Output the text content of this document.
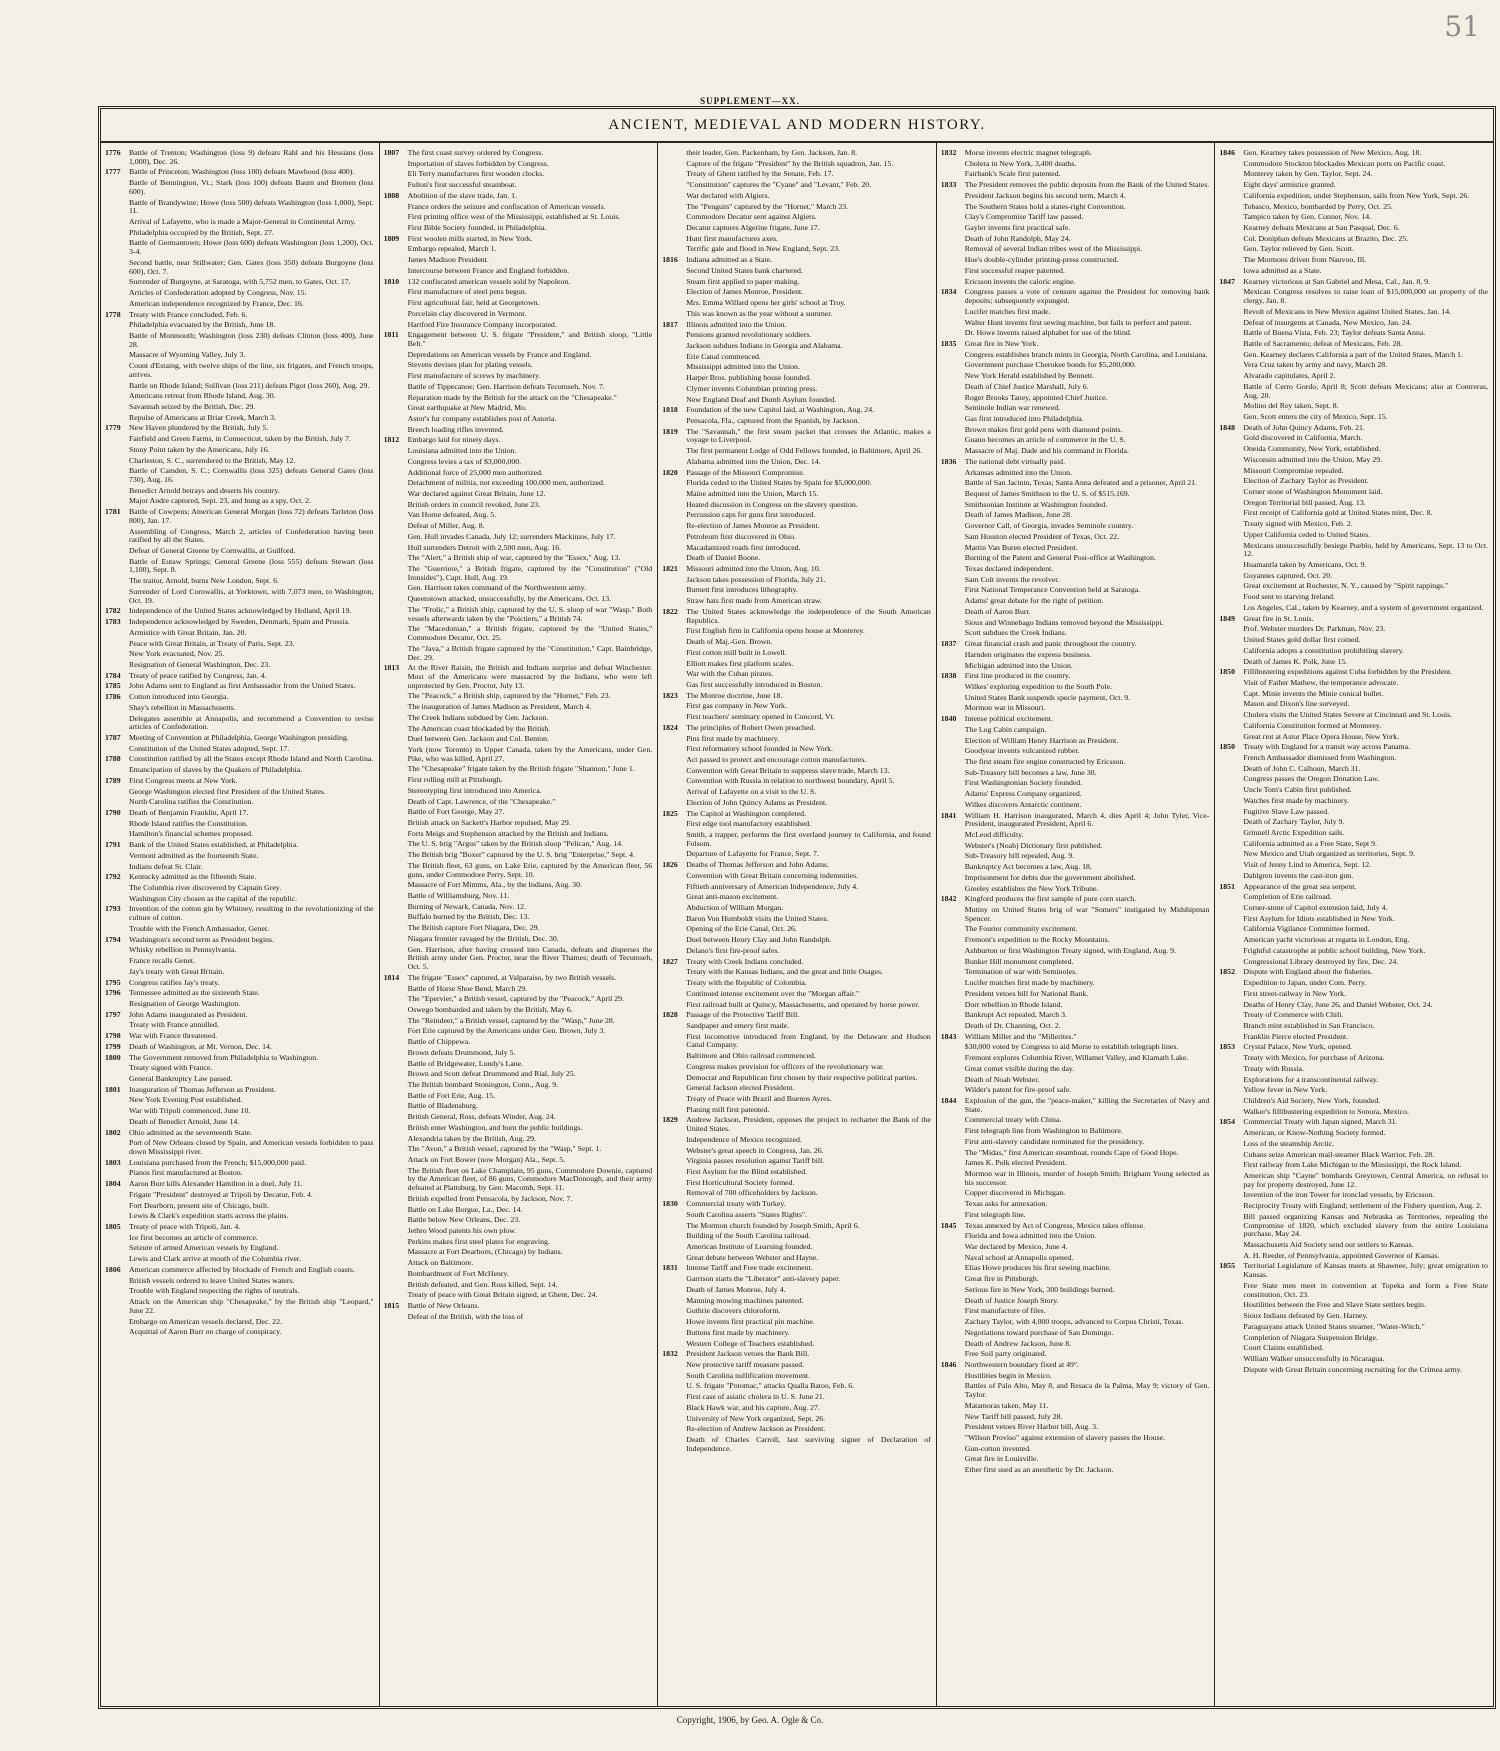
51
SUPPLEMENT—XX.
ANCIENT, MEDIEVAL AND MODERN HISTORY.
1776	Battle of Trenton; Washington (loss 9) defeats Rahl and his Hessians (loss 1,000), Dec. 26.
1777	Battle of Princeton; Washington (loss 100) defeats Mawhood (loss 400).
Battle of Bennington, Vt.; Stark (loss 100) defeats Baum and Bremen (loss 600).
Battle of Brandywine; Howe (loss 500) defeats Washington (loss 1,000), Sept. 11.
Arrival of Lafayette, who is made a Major-General in Continental Army.
Philadelphia occupied by the British, Sept. 27.
Battle of Germantown; Howe (loss 600) defeats Washington (loss 1,200), Oct. 3-4.
Second battle, near Stillwater; Gen. Gates (loss 350) defeats Burgoyne (loss 600), Oct. 7.
Surrender of Burgoyne, at Saratoga, with 5,752 men, to Gates, Oct. 17.
Articles of Confederation adopted by Congress, Nov. 15.
American independence recognized by France, Dec. 16.
1778	Treaty with France concluded, Feb. 6.
Philadelphia evacuated by the British, June 18.
Battle of Monmouth; Washington (loss 230) defeats Clinton (loss 400), June 28.
Massacre of Wyoming Valley, July 3.
Count d'Estaing, with twelve ships of the line, six frigates, and French troops, arrives.
Battle on Rhode Island; Sullivan (loss 211) defeats Pigot (loss 260), Aug. 29.
Americans retreat from Rhode Island, Aug. 30.
Savannah seized by the British, Dec. 29.
Repulse of Americans at Briar Creek, March 3.
1779	New Haven plundered by the British, July 5.
Fairfield and Green Farms, in Connecticut, taken by the British, July 7.
Stony Point taken by the Americans, July 16.
Charleston, S. C., surrendered to the British, May 12.
Battle of Camden, S. C.; Cornwallis (loss 325) defeats General Gates (loss 730), Aug. 16.
Benedict Arnold betrays and deserts his country.
Major Andre captured, Sept. 23, and hung as a spy, Oct. 2.
1781	Battle of Cowpens; American General Morgan (loss 72) defeats Tarleton (loss 800), Jan. 17.
Assembling of Congress, March 2, articles of Confederation having been ratified by all the States.
Defeat of General Greene by Cornwallis, at Guilford.
Battle of Eutaw Springs; General Greene (loss 555) defeats Stewart (loss 1,100), Sept. 8.
The traitor, Arnold, burns New London, Sept. 6.
Surrender of Lord Cornwallis, at Yorktown, with 7,073 men, to Washington, Oct. 19.
1782	Independence of the United States acknowledged by Holland, April 19.
1783	Independence acknowledged by Sweden, Denmark, Spain and Prussia.
Armistice with Great Britain, Jan. 20.
Peace with Great Britain, at Treaty of Paris, Sept. 23.
New York evacuated, Nov. 25.
Resignation of General Washington, Dec. 23.
1784	Treaty of peace ratified by Congress, Jan. 4.
1785	John Adams sent to England as first Ambassador from the United States.
1786	Cotton introduced into Georgia.
Shay's rebellion in Massachusetts.
Delegates assemble at Annapolis, and recommend a Convention to revise articles of Confederation.
1787	Meeting of Convention at Philadelphia, George Washington presiding.
Constitution of the United States adopted, Sept. 17.
1788	Constitution ratified by all the States except Rhode Island and North Carolina.
Emancipation of slaves by the Quakers of Philadelphia.
1789	First Congress meets at New York.
George Washington elected first President of the United States.
North Carolina ratifies the Constitution.
1790	Death of Benjamin Franklin, April 17.
Rhode Island ratifies the Constitution.
Hamilton's financial schemes proposed.
1791	Bank of the United States established, at Philadelphia.
Vermont admitted as the fourteenth State.
Indians defeat St. Clair.
1792	Kentucky admitted as the fifteenth State.
The Columbia river discovered by Captain Grey.
Washington City chosen as the capital of the republic.
1793	Invention of the cotton gin by Whitney, resulting in the revolutionizing of the culture of cotton.
Trouble with the French Ambassador, Genet.
1794	Washington's second term as President begins.
Whisky rebellion in Pennsylvania.
France recalls Genet.
Jay's treaty with Great Britain.
1795	Congress ratifies Jay's treaty.
1796	Tennessee admitted as the sixteenth State.
Resignation of George Washington.
1797	John Adams inaugurated as President.
Treaty with France annulled.
1798	War with France threatened.
1799	Death of Washington, at Mt. Vernon, Dec. 14.
1800	The Government removed from Philadelphia to Washington.
Treaty signed with France.
General Bankruptcy Law passed.
1801	Inauguration of Thomas Jefferson as President.
New York Evening Post established.
War with Tripoli commenced, June 10.
Death of Benedict Arnold, June 14.
1802	Ohio admitted as the seventeenth State.
Port of New Orleans closed by Spain, and American vessels forbidden to pass down Mississippi river.
1803	Louisiana purchased from the French; $15,000,000 paid.
Pianos first manufactured at Boston.
1804	Aaron Burr kills Alexander Hamilton in a duel, July 11.
Frigate "President" destroyed at Tripoli by Decatur, Feb. 4.
Fort Dearborn, present site of Chicago, built.
Lewis & Clark's expedition starts across the plains.
1805	Treaty of peace with Tripoli, Jan. 4.
Ice first becomes an article of commerce.
Seizure of armed American vessels by England.
Lewis and Clark arrive at mouth of the Columbia river.
1806	American commerce affected by blockade of French and English coasts.
British vessels ordered to leave United States waters.
Trouble with England respecting the rights of neutrals.
Attack on the American ship "Chesapeake," by the British ship "Leopard," June 22.
Embargo on American vessels declared, Dec. 22.
Acquittal of Aaron Burr on charge of conspiracy.
1807	The first coast survey ordered by Congress.
Importation of slaves forbidden by Congress.
Eli Terry manufactures first wooden clocks.
Fulton's first successful steamboat.
1808	Abolition of the slave trade, Jan. 1.
France orders the seizure and confiscation of American vessels.
First printing office west of the Mississippi, established at St. Louis.
First Bible Society founded, in Philadelphia.
1809	First woolen mills started, in New York.
Embargo repealed, March 1.
James Madison President.
Intercourse between France and England forbidden.
1810	132 confiscated american vessels sold by Napoleon.
First manufacture of steel pens begun.
First agricultural fair, held at Georgetown.
Porcelain clay discovered in Vermont.
Hartford Fire Insurance Company incorporated.
1811	Engagement between U. S. frigate "President," and British sloop, "Little Belt."
Depredations on American vessels by France and England.
Stevens devises plan for plating vessels.
First manufacture of screws by machinery.
Battle of Tippecanoe; Gen. Harrison defeats Tecumseh, Nov. 7.
Reparation made by the British for the attack on the "Chesapeake."
Great earthquake at New Madrid, Mo.
Astor's fur company establishes post of Astoria.
Breech loading rifles invented.
1812	Embargo laid for ninety days.
Louisiana admitted into the Union.
Congress levies a tax of $3,000,000.
Additional force of 25,000 men authorized.
Detachment of militia, not exceeding 100,000 men, authorized.
War declared against Great Britain, June 12.
British orders in council revoked, June 23.
Van Horne defeated, Aug. 5.
Defeat of Miller, Aug. 8.
Gen. Hull invades Canada, July 12; surrenders Mackinaw, July 17.
Hull surrenders Detroit with 2,500 men, Aug. 16.
The "Alert," a British ship of war, captured by the "Essex," Aug. 13.
The "Guerriere," a British frigate, captured by the "Constitution" ("Old Ironsides"), Capt. Hull, Aug. 19.
Gen. Harrison takes command of the Northwestern army.
Queenstown attacked, unsuccessfully, by the Americans, Oct. 13.
The "Frolic," a British ship, captured by the U. S. sloop of war "Wasp." Both vessels afterwards taken by the "Poictiers," a British 74.
The "Macedonian," a British frigate, captured by the "United States," Commodore Decatur, Oct. 25.
The "Java," a British frigate captured by the "Constitution," Capt. Bainbridge, Dec. 29.
1813	At the River Raisin, the British and Indians surprise and defeat Winchester. Most of the Americans were massacred by the Indians, who were left unprotected by Gen. Proctor, July 13.
The "Peacock," a British ship, captured by the "Hornet," Feb. 23.
The inauguration of James Madison as President, March 4.
The Creek Indians subdued by Gen. Jackson.
The American coast blockaded by the British.
Duel between Gen. Jackson and Col. Benton.
York (now Toronto) in Upper Canada, taken by the Americans, under Gen. Pike, who was killed, April 27.
The "Chesapeake" frigate taken by the British frigate "Shannon," June 1.
First rolling mill at Pittsburgh.
Stereotyping first introduced into America.
Death of Capt. Lawrence, of the "Chesapeake."
Battle of Fort George, May 27.
British attack on Sackett's Harbor repulsed, May 29.
Forts Meigs and Stephenson attacked by the British and Indians.
The U. S. brig "Argus" taken by the British sloop "Pelican," Aug. 14.
The British brig "Boxer" captured by the U. S. brig "Enterprise," Sept. 4.
The British fleet, 63 guns, on Lake Erie, captured by the American fleet, 56 guns, under Commodore Perry, Sept. 10.
Massacre of Fort Mimms, Ala., by the Indians, Aug. 30.
Battle of Williamsburg, Nov. 11.
Burning of Newark, Canada, Nov. 12.
Buffalo burned by the British, Dec. 13.
The British capture Fort Niagara, Dec. 29.
Niagara frontier ravaged by the British, Dec. 30.
Gen. Harrison, after having crossed into Canada, defeats and disperses the British army under Gen. Proctor, near the River Thames; death of Tecumseh, Oct. 5.
1814	The frigate "Essex" captured, at Valparaiso, by two British vessels.
Battle of Horse Shoe Bend, March 29.
The "Epervier," a British vessel, captured by the "Peacock," April 29.
Oswego bombarded and taken by the British, May 6.
The "Reindeer," a British vessel, captured by the "Wasp," June 28.
Fort Erie captured by the Americans under Gen. Brown, July 3.
Battle of Chippewa.
Brown defeats Drummond, July 5.
Battle of Bridgewater, Lundy's Lane.
Brown and Scott defeat Drummond and Rial, July 25.
The British bombard Stonington, Conn., Aug. 9.
Battle of Fort Erie, Aug. 15.
Battle of Bladensburg.
British General, Ross, defeats Winder, Aug. 24.
British enter Washington, and burn the public buildings.
Alexandria taken by the British, Aug. 29.
The "Avon," a British vessel, captured by the "Wasp," Sept. 1.
Attack on Fort Bower (now Morgan) Ala., Sept. 5.
The British fleet on Lake Champlain, 95 guns, Commodore Downie, captured by the American fleet, of 86 guns, Commodore MacDonough, and their army defeated at Plattsburg, by Gen. Macomb, Sept. 11.
British expelled from Pensacola, by Jackson, Nov. 7.
Battle on Lake Borgue, La., Dec. 14.
Battle below New Orleans, Dec. 23.
Jethro Wood patents his own plow.
Perkins makes first steel plates for engraving.
Massacre at Fort Dearborn, (Chicago) by Indians.
Attack on Baltimore.
Bombardment of Fort McHenry.
British defeated, and Gen. Ross killed, Sept. 14.
Treaty of peace with Great Britain signed, at Ghent, Dec. 24.
1815	Battle of New Orleans.
Defeat of the British, with the loss of
their leader, Gen. Packenham, by Gen. Jackson, Jan. 8.
Capture of the frigate "President" by the British squadron, Jan. 15.
Treaty of Ghent ratified by the Senate, Feb. 17.
"Constitution" captures the "Cyane" and "Levant," Feb. 20.
War declared with Algiers.
The "Penguin" captured by the "Hornet," March 23.
Commodore Decatur sent against Algiers.
Decatur captures Algerine frigate, June 17.
Hunt first manufactures axes.
Terrific gale and flood in New England, Sept. 23.
1816	Indiana admitted as a State.
Second United States bank chartered.
Steam first applied to paper making.
Election of James Monroe, President.
Mrs. Emma Willard opens her girls' school at Troy.
This was known as the year without a summer.
1817	Illinois admitted into the Union.
Pensions granted revolutionary soldiers.
Jackson subdues Indians in Georgia and Alabama.
Erie Canal commenced.
Mississippi admitted into the Union.
Harper Bros. publishing house founded.
Clymer invents Columbian printing press.
New England Deaf and Dumb Asylum founded.
1818	Foundation of the new Capitol laid, at Washington, Aug. 24.
Pensacola, Fla., captured from the Spanish, by Jackson.
1819	The "Savannah," the first steam packet that crosses the Atlantic, makes a voyage to Liverpool.
The first permanent Lodge of Odd Fellows founded, in Baltimore, April 26.
Alabama admitted into the Union, Dec. 14.
1820	Passage of the Missouri Compromise.
Florida ceded to the United States by Spain for $5,000,000.
Maine admitted into the Union, March 15.
Heated discussion in Congress on the slavery question.
Percussion caps for guns first introduced.
Re-election of James Monroe as President.
Petroleum first discovered in Ohio.
Macadamized roads first introduced.
Death of Daniel Boone.
1821	Missouri admitted into the Union, Aug. 10.
Jackson takes possession of Florida, July 21.
Burnett first introduces lithography.
Straw hats first made from American straw.
1822	The United States acknowledge the independence of the South American Republics.
First English firm in California opens house at Monterey.
Death of Maj.-Gen. Brown.
First cotton mill built in Lowell.
Elliott makes first platform scales.
War with the Cuban pirates.
Gas first successfully introduced in Boston.
1823	The Monroe doctrine, June 18.
First gas company in New York.
First teachers' seminary opened in Concord, Vt.
1824	The principles of Robert Owen preached.
Pins first made by machinery.
First reformatory school founded in New York.
Act passed to protect and encourage cotton manufactures.
Convention with Great Britain to suppress slave trade, March 13.
Convention with Russia in relation to northwest boundary, April 5.
Arrival of Lafayette on a visit to the U. S.
Election of John Quincy Adams as President.
1825	The Capitol at Washington completed.
First edge tool manufactory established.
Smith, a trapper, performs the first overland journey to California, and found Folsom.
Departure of Lafayette for France, Sept. 7.
1826	Deaths of Thomas Jefferson and John Adams.
Convention with Great Britain concerning indemnities.
Fiftieth anniversary of American Independence, July 4.
Great anti-mason excitement.
Abduction of William Morgan.
Baron Von Humboldt visits the United States.
Opening of the Erie Canal, Oct. 26.
Duel between Henry Clay and John Randolph.
Delano's first fire-proof safes.
1827	Treaty with Creek Indians concluded.
Treaty with the Kansas Indians, and the great and little Osages.
Treaty with the Republic of Colombia.
Continued intense excitement over the "Morgan affair."
First railroad built at Quincy, Massachusetts, and operated by horse power.
1828	Passage of the Protective Tariff Bill.
Sandpaper and emery first made.
First locomotive introduced from England, by the Delaware and Hudson Canal Company.
Baltimore and Ohio railroad commenced.
Congress makes provision for officers of the revolutionary war.
Democrat and Republican first chosen by their respective political parties.
General Jackson elected President.
Treaty of Peace with Brazil and Buenos Ayres.
Planing mill first patented.
1829	Andrew Jackson, President, opposes the project to recharter the Bank of the United States.
Independence of Mexico recognized.
Webster's great speech in Congress, Jan. 26.
Virginia passes resolution against Tariff bill.
First Asylum for the Blind established.
First Horticultural Society formed.
Removal of 700 officeholders by Jackson.
1830	Commercial treaty with Turkey.
South Carolina asserts "States Rights".
The Mormon church founded by Joseph Smith, April 6.
Building of the South Carolina railroad.
American Institute of Learning founded.
Great debate between Webster and Hayne.
1831	Intense Tariff and Free trade excitement.
Garrison starts the "Liberator" anti-slavery paper.
Death of James Monroe, July 4.
Manning mowing machines patented.
Guthrie discovers chloroform.
Howe invents first practical pin machine.
Buttons first made by machinery.
Western College of Teachers established.
1832	President Jackson vetoes the Bank Bill.
New protective tariff measure passed.
South Carolina nullification movement.
U. S. frigate "Potomac," attacks Qualla Batoo, Feb. 6.
First case of asiatic cholera in U. S. June 21.
Black Hawk war, and his capture, Aug. 27.
University of New York organized, Sept. 26.
Re-election of Andrew Jackson as President.
Death of Charles Carroll, last surviving signer of Declaration of Independence.
1832	Morse invents electric magnet telegraph.
Cholera in New York, 3,400 deaths.
Fairbank's Scale first patented.
1833	The President removes the public deposits from the Bank of the United States.
President Jackson begins his second term, March 4.
The Southern States hold a states-right Convention.
Clay's Compromise Tariff law passed.
Gayler invents first practical safe.
Death of John Randolph, May 24.
Removal of several Indian tribes west of the Mississippi.
Hoe's double-cylinder printing-press constructed.
First successful reaper patented.
Ericsson invents the caloric engine.
1834	Congress passes a vote of censure against the President for removing bank deposits; subsequently expunged.
Lucifer matches first made.
Walter Hunt invents first sewing machine, but fails to perfect and patent.
Dr. Howe invents raised alphabet for use of the blind.
1835	Great fire in New York.
Congress establishes branch mints in Georgia, North Carolina, and Louisiana.
Government purchase Cherokee bonds for $5,200,000.
New York Herald established by Bennett.
Death of Chief Justice Marshall, July 6.
Roger Brooks Taney, appointed Chief Justice.
Seminole Indian war renewed.
Gas first introduced into Philadelphia.
Brown makes first gold pens with diamond points.
Guano becomes an article of commerce in the U. S.
Massacre of Maj. Dade and his command in Florida.
1836	The national debt virtually paid.
Arkansas admitted into the Union.
Battle of San Jacinto, Texas; Santa Anna defeated and a prisoner, April 21.
Bequest of James Smithson to the U. S. of $515,169.
Smithsonian Institute at Washington founded.
Death of James Madison, June 28.
Governor Call, of Georgia, invades Seminole country.
Sam Houston elected President of Texas, Oct. 22.
Martin Van Buren elected President.
Burning of the Patent and General Post-office at Washington.
Texas declared independent.
Sam Colt invents the revolver.
First National Temperance Convention held at Saratoga.
Adams' great debate for the right of petition.
Death of Aaron Burr.
Sioux and Winnebago Indians removed beyond the Mississippi.
Scott subdues the Creek Indians.
1837	Great financial crash and panic throughout the country.
Harnden originates the express business.
Michigan admitted into the Union.
1838	First line produced in the country.
Wilkes' exploring expedition to the South Pole.
United States Bank suspends specie payment, Oct. 9.
Mormon war in Missouri.
1840	Intense political excitement.
The Log Cabin campaign.
Election of William Henry Harrison as President.
Goodyear invents vulcanized rubber.
The first steam fire engine constructed by Ericsson.
Sub-Treasury bill becomes a law, June 30.
First Washingtonian Society founded.
Adams' Express Company organized.
Wilkes discovers Antarctic continent.
1841	William H. Harrison inaugurated, March 4, dies April 4; John Tyler, Vice-President, inaugurated President, April 6.
McLeod difficulty.
Webster's (Noah) Dictionary first published.
Sub-Treasury bill repealed, Aug. 9.
Bankruptcy Act becomes a law, Aug. 18.
Imprisonment for debts due the government abolished.
Greeley establishes the New York Tribune.
1842	Kingford produces the first sample of pure corn starch.
Mutiny on United States brig of war "Somers" instigated by Midshipman Spencer.
The Fourier community excitement.
Fremont's expedition to the Rocky Mountains.
Ashburton or first Washington Treaty signed, with England, Aug. 9.
Bunker Hill monument completed.
Termination of war with Seminoles.
Lucifer matches first made by machinery.
President vetoes bill for National Bank.
Dorr rebellion in Rhode Island.
Bankrupt Act repealed, March 3.
Death of Dr. Channing, Oct. 2.
1843	William Miller and the "Millerites."
$30,000 voted by Congress to aid Morse to establish telegraph lines.
Fremont explores Columbia River, Willamet Valley, and Klamath Lake.
Great comet visible during the day.
Death of Noah Webster.
Wilder's patent for fire-proof safe.
1844	Explosion of the gun, the "peace-maker," killing the Secretaries of Navy and State.
Commercial treaty with China.
First telegraph line from Washington to Baltimore.
First anti-slavery candidate nominated for the presidency.
The "Midas," first American steamboat, rounds Cape of Good Hope.
James K. Polk elected President.
Mormon war in Illinois, murder of Joseph Smith; Brigham Young selected as his successor.
Copper discovered in Michigan.
Texas asks for annexation.
First telegraph line.
1845	Texas annexed by Act of Congress, Mexico takes offense.
Florida and Iowa admitted into the Union.
War declared by Mexico, June 4.
Naval school at Annapolis opened.
Elias Howe produces his first sewing machine.
Great fire in Pittsburgh.
Serious fire in New York, 300 buildings burned.
Death of Justice Joseph Story.
First manufacture of files.
Zachary Taylor, with 4,000 troops, advanced to Corpus Christi, Texas.
Negotiations toward purchase of San Domingo.
Death of Andrew Jackson, June 8.
Free Soil party originated.
1846	Northwestern boundary fixed at 49°.
Hostilities begin in Mexico.
Battles of Palo Alto, May 8, and Resaca de la Palma, May 9; victory of Gen. Taylor.
Matamoras taken, May 11.
New Tariff bill passed, July 28.
President vetoes River Harbor bill, Aug. 3.
"Wilson Proviso" against extension of slavery passes the House.
Gun-cotton invented.
Great fire in Louisville.
Ether first used as an anesthetic by Dr. Jackson.
1846	Gen. Kearney takes possession of New Mexico, Aug. 18.
Commodore Stockton blockades Mexican ports on Pacific coast.
Monterey taken by Gen. Taylor, Sept. 24.
Eight days' armistice granted.
California expedition, under Stephenson, sails from New York, Sept. 26.
Tobasco, Mexico, bombarded by Perry, Oct. 25.
Tampico taken by Gen. Conner, Nov. 14.
Kearney defeats Mexicans at San Pasqual, Dec. 6.
Col. Doniphan defeats Mexicans at Brazito, Dec. 25.
Gen. Taylor relieved by Gen. Scott.
The Mormons driven from Nauvoo, Ill.
Iowa admitted as a State.
1847	Kearney victorious at San Gabriel and Mesa, Cal., Jan. 8, 9.
Mexican Congress resolves to raise loan of $15,000,000 on property of the clergy, Jan. 8.
Revolt of Mexicans in New Mexico against United States, Jan. 14.
Defeat of insurgents at Canada, New Mexico, Jan. 24.
Battle of Buena Vista, Feb. 23; Taylor defeats Santa Anna.
Battle of Sacramento; defeat of Mexicans, Feb. 28.
Gen. Kearney declares California a part of the United States, March 1.
Vera Cruz taken by army and navy, March 28.
Alvarado capitulates, April 2.
Battle of Cerro Gordo, April 8; Scott defeats Mexicans; also at Contreras, Aug. 20.
Molino del Rey taken, Sept. 8.
Gen. Scott enters the city of Mexico, Sept. 15.
1848	Death of John Quincy Adams, Feb. 21.
Gold discovered in California, March.
Oneida Community, New York, established.
Wisconsin admitted into the Union, May 29.
Missouri Compromise repealed.
Election of Zachary Taylor as President.
Corner stone of Washington Monument laid.
Oregon Territorial bill passed, Aug. 13.
First receipt of California gold at United States mint, Dec. 8.
Treaty signed with Mexico, Feb. 2.
Upper California ceded to United States.
Mexicans unsuccessfully besiege Pueblo, held by Americans, Sept. 13 to Oct. 12.
Huamantla taken by Americans, Oct. 9.
Guyannes captured, Oct. 20.
Great excitement at Rochester, N. Y., caused by "Spirit rappings."
Food sent to starving Ireland.
Los Angeles, Cal., taken by Kearney, and a system of government organized.
1849	Great fire in St. Louis.
Prof. Webster murders Dr. Parkman, Nov. 23.
United States gold dollar first coined.
California adopts a constitution prohibiting slavery.
Death of James K. Polk, June 15.
1850	Fillibustering expeditions against Cuba forbidden by the President.
Visit of Father Mathew, the temperance advocate.
Capt. Minie invents the Minie conical bullet.
Mason and Dixon's line surveyed.
Cholera visits the United States Severe at Cincinnati and St. Louis.
California Constitution formed at Monterey.
Great riot at Astor Place Opera House, New York.
1850	Treaty with England for a transit way across Panama.
French Ambassador dismissed from Washington.
Death of John C. Calhoun, March 31.
Congress passes the Oregon Donation Law.
Uncle Tom's Cabin first published.
Watches first made by machinery.
Fugitive Slave Law passed.
Death of Zachary Taylor, July 9.
Grinnell Arctic Expedition sails.
California admitted as a Free State, Sept 9.
New Mexico and Utah organized as territories, Sept. 9.
Visit of Jenny Lind to America, Sept. 12.
Dahlgren invents the cast-iron gun.
1851	Appearance of the great sea serpent.
Completion of Erie railroad.
Corner-stone of Capitol extension laid, July 4.
First Asylum for Idiots established in New York.
California Vigilance Committee formed.
American yacht victorious at regatta in London, Eng.
Frightful catastrophe at public school building, New York.
Congressional Library destroyed by fire, Dec. 24.
1852	Dispute with England about the fisheries.
Expedition to Japan, under Com. Perry.
First street-railway in New York.
Deaths of Henry Clay, June 26, and Daniel Webster, Oct. 24.
Treaty of Commerce with Chili.
Branch mint established in San Francisco.
Franklin Pierce elected President.
1853	Crystal Palace, New York, opened.
Treaty with Mexico, for purchase of Arizona.
Treaty with Russia.
Explorations for a transcontinental railway.
Yellow fever in New York.
Children's Aid Society, New York, founded.
Walker's fillibustering expedition to Sonora, Mexico.
1854	Commercial Treaty with Japan signed, March 31.
American, or Know-Nothing Society formed.
Loss of the steamship Arctic.
Cubans seize American mail-steamer Black Warrior, Feb. 28.
First railway from Lake Michigan to the Mississippi, the Rock Island.
American ship "Cayne" bombards Greytown, Central America, on refusal to pay for property destroyed, June 12.
Invention of the iron Tower for ironclad vessels, by Ericsson.
Reciprocity Treaty with England; settlement of the Fishery question, Aug. 2.
Bill passed organizing Kansas and Nebraska as Territories, repealing the Compromise of 1820, which excluded slavery from the entire Louisiana purchase, May 24.
Massachusetts Aid Society send out settlers to Kansas.
A. H. Reeder, of Pennsylvania, appointed Governor of Kansas.
1855	Territorial Legislature of Kansas meets at Shawnee, July; great emigration to Kansas.
Free State men meet in convention at Topeka and form a Free State constitution, Oct. 23.
Hostilities between the Free and Slave State settlers begin.
Sioux Indians defeated by Gen. Harney.
Paraguayans attack United States steamer, "Water-Witch."
Completion of Niagara Suspension Bridge.
Court Claims established.
William Walker unsuccessfully in Nicaragua.
Dispute with Great Britain concerning recruiting for the Crimea army.
Copyright, 1906, by Geo. A. Ogle & Co.
